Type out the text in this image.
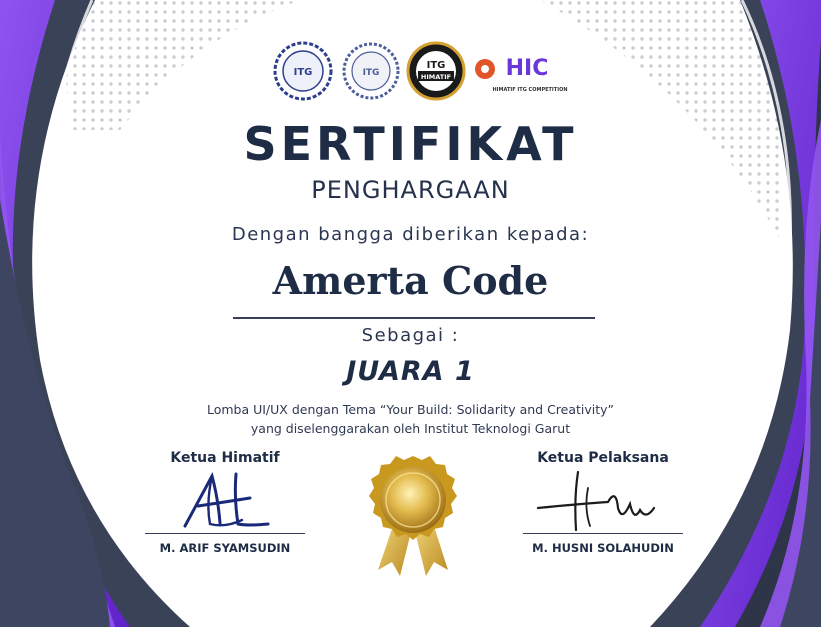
ITG	ITG
ITG
HIMATIF HIC
HIMATIF ITG COMPETITION
SERTIFIKAT
PENGHARGAAN
Dengan bangga diberikan kepada:
Amerta Code
Sebagai :
JUARA 1
Lomba UI/UX dengan Tema “Your Build: Solidarity and Creativity”
yang diselenggarakan oleh Institut Teknologi Garut
Ketua Himatif
M. ARIF SYAMSUDIN
Ketua Pelaksana
M. HUSNI SOLAHUDIN
